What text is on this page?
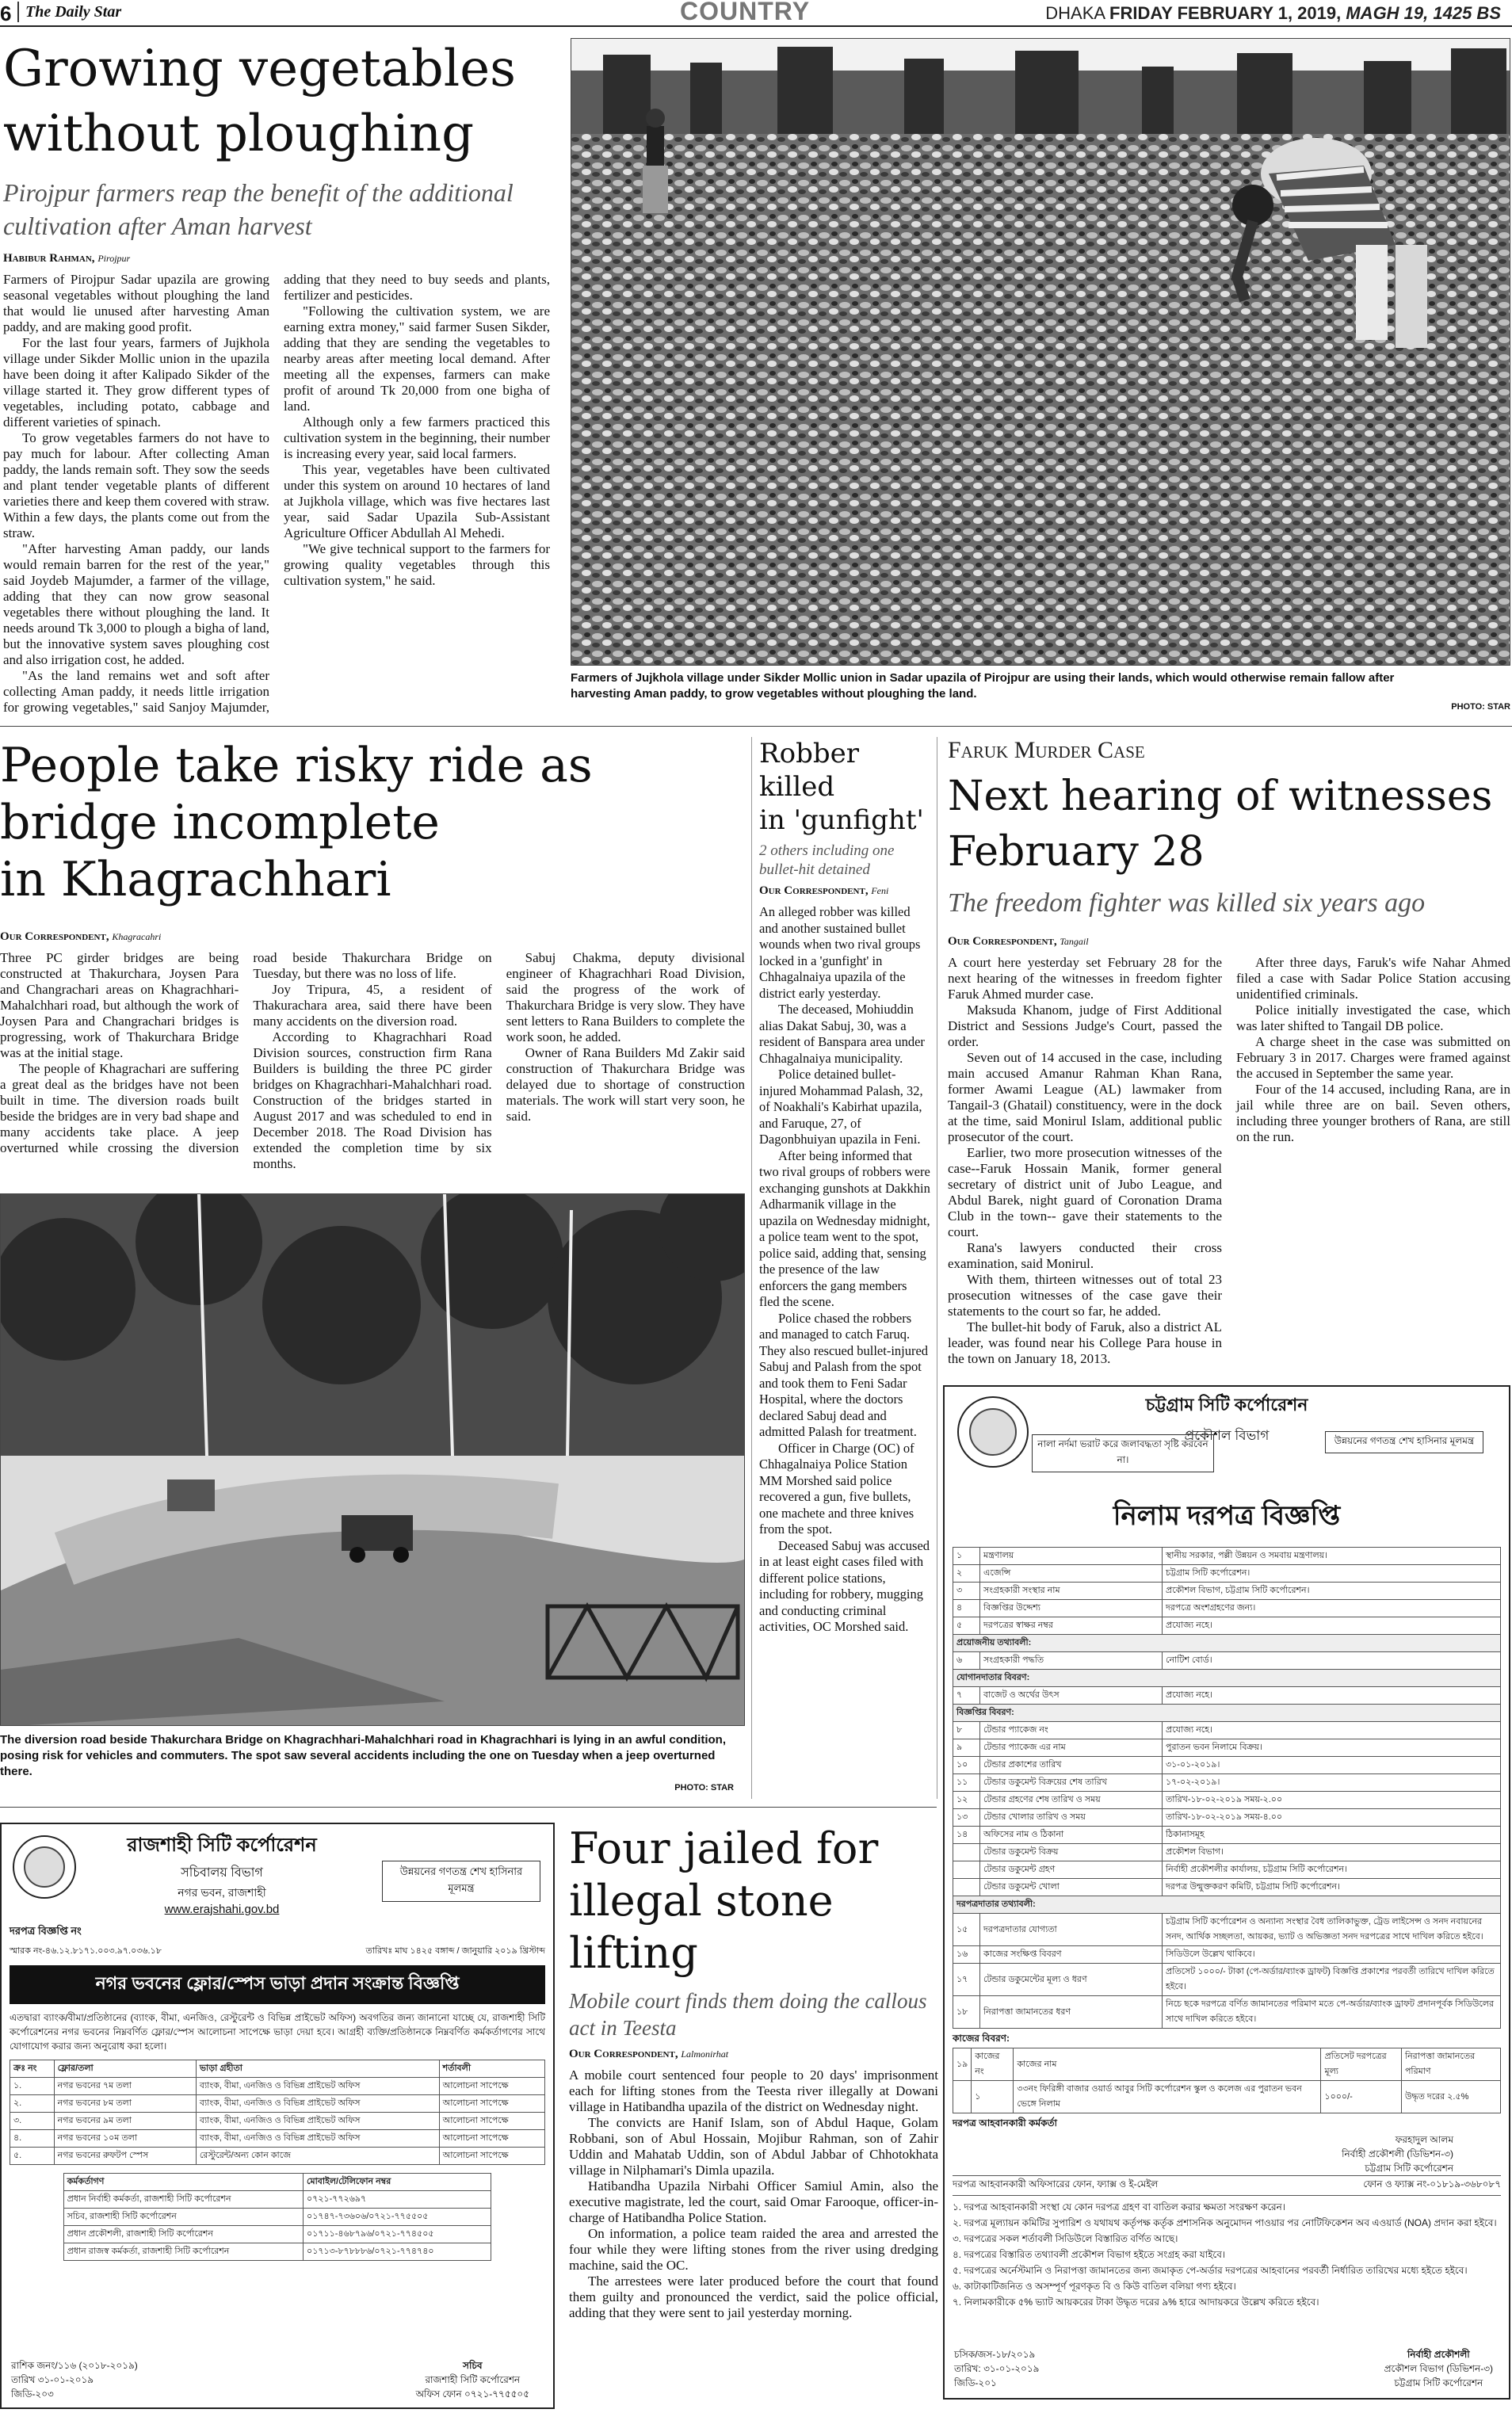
6 The Daily Star	COUNTRY	DHAKA FRIDAY FEBRUARY 1, 2019, MAGH 19, 1425 BS
Growing vegetables
without ploughing
Pirojpur farmers reap the benefit of the additional cultivation after Aman harvest
Habibur Rahman, Pirojpur

Farmers of Pirojpur Sadar upazila are growing seasonal vegetables without ploughing the land that would lie unused after harvesting Aman paddy, and are making good profit.

For the last four years, farmers of Jujkhola village under Sikder Mollic union in the upazila have been doing it after Kalipado Sikder of the village started it. They grow different types of vegetables, including potato, cabbage and different varieties of spinach.

To grow vegetables farmers do not have to pay much for labour. After collecting Aman paddy, the lands remain soft. They sow the seeds and plant tender vegetable plants of different varieties there and keep them covered with straw. Within a few days, the plants come out from the straw.

"After harvesting Aman paddy, our lands would remain barren for the rest of the year," said Joydeb Majumder, a farmer of the village, adding that they can now grow seasonal vegetables there without ploughing the land. It needs around Tk 3,000 to plough a bigha of land, but the innovative system saves ploughing cost and also irrigation cost, he added.

"As the land remains wet and soft after collecting Aman paddy, it needs little irrigation for growing vegetables," said Sanjoy Majumder, adding that they need to buy seeds and plants, fertilizer and pesticides.

"Following the cultivation system, we are earning extra money," said farmer Susen Sikder, adding that they are sending the vegetables to nearby areas after meeting local demand. After meeting all the expenses, farmers can make profit of around Tk 20,000 from one bigha of land.

Although only a few farmers practiced this cultivation system in the beginning, their number is increasing every year, said local farmers.

This year, vegetables have been cultivated under this system on around 10 hectares of land at Jujkhola village, which was five hectares last year, said Sadar Upazila Sub-Assistant Agriculture Officer Abdullah Al Mehedi.

"We give technical support to the farmers for growing quality vegetables through this cultivation system," he said.

Farmers of Jujkhola village under Sikder Mollic union in Sadar upazila of Pirojpur are using their lands, which would otherwise remain fallow after harvesting Aman paddy, to grow vegetables without ploughing the land.
PHOTO: STAR
People take risky ride as
bridge incomplete
in Khagrachhari
Our Correspondent, Khagracahri

Three PC girder bridges are being constructed at Thakurchara, Joysen Para and Changrachari areas on Khagrachhari-Mahalchhari road, but although the work of Joysen Para and Changrachari bridges is progressing, work of Thakurchara Bridge was at the initial stage.

The people of Khagrachari are suffering a great deal as the bridges have not been built in time. The diversion roads built beside the bridges are in very bad shape and many accidents take place. A jeep overturned while crossing the diversion road beside Thakurchara Bridge on Tuesday, but there was no loss of life.

Joy Tripura, 45, a resident of Thakurachara area, said there have been many accidents on the diversion road.

According to Khagrachhari Road Division sources, construction firm Rana Builders is building the three PC girder bridges on Khagrachhari-Mahalchhari road. Construction of the bridges started in August 2017 and was scheduled to end in December 2018. The Road Division has extended the completion time by six months.

Sabuj Chakma, deputy divisional engineer of Khagrachhari Road Division, said the progress of the work of Thakurchara Bridge is very slow. They have sent letters to Rana Builders to complete the work soon, he added.

Owner of Rana Builders Md Zakir said construction of Thakurchara Bridge was delayed due to shortage of construction materials. The work will start very soon, he said.

The diversion road beside Thakurchara Bridge on Khagrachhari-Mahalchhari road in Khagrachhari is lying in an awful condition, posing risk for vehicles and commuters. The spot saw several accidents including the one on Tuesday when a jeep overturned there.
PHOTO: STAR
Robber killed
in 'gunfight'
2 others including one bullet-hit detained
Our Correspondent, Feni

An alleged robber was killed and another sustained bullet wounds when two rival groups locked in a 'gunfight' in Chhagalnaiya upazila of the district early yesterday.

The deceased, Mohiuddin alias Dakat Sabuj, 30, was a resident of Banspara area under Chhagalnaiya municipality.

Police detained bullet-injured Mohammad Palash, 32, of Noakhali's Kabirhat upazila, and Faruque, 27, of Dagonbhuiyan upazila in Feni.

After being informed that two rival groups of robbers were exchanging gunshots at Dakkhin Adharmanik village in the upazila on Wednesday midnight, a police team went to the spot, police said, adding that, sensing the presence of the law enforcers the gang members fled the scene.

Police chased the robbers and managed to catch Faruq. They also rescued bullet-injured Sabuj and Palash from the spot and took them to Feni Sadar Hospital, where the doctors declared Sabuj dead and admitted Palash for treatment.

Officer in Charge (OC) of Chhagalnaiya Police Station MM Morshed said police recovered a gun, five bullets, one machete and three knives from the spot.

Deceased Sabuj was accused in at least eight cases filed with different police stations, including for robbery, mugging and conducting criminal activities, OC Morshed said.

Faruk Murder Case
Next hearing of witnesses
February 28
The freedom fighter was killed six years ago
Our Correspondent, Tangail

A court here yesterday set February 28 for the next hearing of the witnesses in freedom fighter Faruk Ahmed murder case.

Maksuda Khanom, judge of First Additional District and Sessions Judge's Court, passed the order.

Seven out of 14 accused in the case, including main accused Amanur Rahman Khan Rana, former Awami League (AL) lawmaker from Tangail-3 (Ghatail) constituency, were in the dock at the time, said Monirul Islam, additional public prosecutor of the court.

Earlier, two more prosecution witnesses of the case--Faruk Hossain Manik, former general secretary of district unit of Jubo League, and Abdul Barek, night guard of Coronation Drama Club in the town-- gave their statements to the court.

Rana's lawyers conducted their cross examination, said Monirul.

With them, thirteen witnesses out of total 23 prosecution witnesses of the case gave their statements to the court so far, he added.

The bullet-hit body of Faruk, also a district AL leader, was found near his College Para house in the town on January 18, 2013.

After three days, Faruk's wife Nahar Ahmed filed a case with Sadar Police Station accusing unidentified criminals.

Police initially investigated the case, which was later shifted to Tangail DB police.

A charge sheet in the case was submitted on February 3 in 2017. Charges were framed against the accused in September the same year.

Four of the 14 accused, including Rana, are in jail while three are on bail. Seven others, including three younger brothers of Rana, are still on the run.

চট্টগ্রাম সিটি কর্পোরেশন
প্রকৌশল বিভাগ
নালা নর্দমা ভরাট করে জলাবদ্ধতা সৃষ্টি করবেন না।
উন্নয়নের গণতন্ত্র শেখ হাসিনার মূলমন্ত্র
নিলাম দরপত্র বিজ্ঞপ্তি
১	মন্ত্রণালয়	স্থানীয় সরকার, পল্লী উন্নয়ন ও সমবায় মন্ত্রণালয়।
২	এজেন্সি	চট্টগ্রাম সিটি কর্পোরেশন।
৩	সংগ্রহকারী সংস্থার নাম	প্রকৌশল বিভাগ, চট্টগ্রাম সিটি কর্পোরেশন।
৪	বিজ্ঞপ্তির উদ্দেশ্য	দরপত্রে অংশগ্রহণের জন্য।
৫	দরপত্রের স্বাক্ষর নম্বর	প্রযোজ্য নহে।
প্রয়োজনীয় তথ্যাবলী:		
৬	সংগ্রহকারী পদ্ধতি	নোটিশ বোর্ড।
যোগানদাতার বিবরণ:		
৭	বাজেট ও অর্থের উৎস	প্রযোজ্য নহে।
বিজ্ঞপ্তির বিবরণ:		
৮	টেন্ডার প্যাকেজ নং	প্রযোজ্য নহে।
৯	টেন্ডার প্যাকেজ এর নাম	পুরাতন ভবন নিলামে বিক্রয়।
১০	টেন্ডার প্রকাশের তারিখ	৩১-০১-২০১৯।
১১	টেন্ডার ডকুমেন্ট বিক্রয়ের শেষ তারিখ	১৭-০২-২০১৯।
১২	টেন্ডার গ্রহণের শেষ তারিখ ও সময়	তারিখ-১৮-০২-২০১৯ সময়-২.০০
১৩	টেন্ডার খোলার তারিখ ও সময়	তারিখ-১৮-০২-২০১৯ সময়-৪.০০
১৪	অফিসের নাম ও ঠিকানা	ঠিকানাসমূহ
	টেন্ডার ডকুমেন্ট বিক্রয়	প্রকৌশল বিভাগ।
	টেন্ডার ডকুমেন্ট গ্রহণ	নির্বাহী প্রকৌশলীর কার্যালয়, চট্টগ্রাম সিটি কর্পোরেশন।
	টেন্ডার ডকুমেন্ট খোলা	দরপত্র উন্মুক্তকরণ কমিটি, চট্টগ্রাম সিটি কর্পোরেশন।
দরপত্রদাতার তথ্যাবলী:		
১৫	দরপত্রদাতার যোগ্যতা	চট্টগ্রাম সিটি কর্পোরেশন ও অন্যান্য সংস্থার বৈধ তালিকাভুক্ত, ট্রেড লাইসেন্স ও সনদ নবায়নের সনদ, আর্থিক সচ্ছলতা, আয়কর, ভ্যাট ও অভিজ্ঞতা সনদ দরপত্রের সাথে দাখিল করিতে হইবে।
১৬	কাজের সংক্ষিপ্ত বিবরণ	সিডিউলে উল্লেখ থাকিবে।
১৭	টেন্ডার ডকুমেন্টের মূল্য ও ধরণ	প্রতিসেট ১০০০/- টাকা (পে-অর্ডার/ব্যাংক ড্রাফট) বিজ্ঞপ্তি প্রকাশের পরবর্তী তারিখে দাখিল করিতে হইবে।
১৮	নিরাপত্তা জামানতের ধরণ	নিচে ছকে দরপত্রে বর্ণিত জামানতের পরিমাণ মতে পে-অর্ডার/ব্যাংক ড্রাফট প্রদানপূর্বক সিডিউলের সাথে দাখিল করিতে হইবে।
কাজের বিবরণ:
১৯	কাজের নং	কাজের নাম	প্রতিসেট দরপত্রের মূল্য	নিরাপত্তা জামানতের পরিমাণ
	১	৩৩নং ফিরিঙ্গী বাজার ওয়ার্ড আবুর সিটি কর্পোরেশন স্কুল ও কলেজ এর পুরাতন ভবন ভেঙ্গে নিলাম	১০০০/-	উদ্ধৃত দরের ২.৫%
দরপত্র আহবানকারী কর্মকর্তা
ফরহাদুল আলম
নির্বাহী প্রকৌশলী (ডিভিশন-৩)
চট্টগ্রাম সিটি কর্পোরেশন
দরপত্র আহবানকারী অফিসারের ফোন, ফ্যাক্স ও ই-মেইল	ফোন ও ফ্যাক্স নং-০১৮১৯-৩৬৮০৮৭
১. দরপত্র আহবানকারী সংস্থা যে কোন দরপত্র গ্রহণ বা বাতিল করার ক্ষমতা সংরক্ষণ করেন।
২. দরপত্র মূল্যায়ন কমিটির সুপারিশ ও যথাযথ কর্তৃপক্ষ কর্তৃক প্রশাসনিক অনুমোদন পাওয়ার পর নোটিফিকেশন অব এওয়ার্ড (NOA) প্রদান করা হইবে।
৩. দরপত্রের সকল শর্তাবলী সিডিউলে বিস্তারিত বর্ণিত আছে।
৪. দরপত্রের বিস্তারিত তথ্যাবলী প্রকৌশল বিভাগ হইতে সংগ্রহ করা যাইবে।
৫. দরপত্রের অর্নেস্টমানি ও নিরাপত্তা জামানতের জন্য জমাকৃত পে-অর্ডার দরপত্রের আহবানের পরবর্তী নির্ধারিত তারিখের মধ্যে হইতে হইবে।
৬. কাটাকাটিজনিত ও অসম্পূর্ণ পূরণকৃত বি ও কিউ বাতিল বলিয়া গণ্য হইবে।
৭. নিলামকারীকে ৫% ভ্যাট আয়করের টাকা উদ্ধৃত দরের ৯% হারে আদায়করে উল্লেখ করিতে হইবে।
চসিক/জস-১৮/২০১৯
তারিখ: ৩১-০১-২০১৯
জিডি-২০১
নির্বাহী প্রকৌশলী
প্রকৌশল বিভাগ (ডিভিশন-৩)
চট্টগ্রাম সিটি কর্পোরেশন
রাজশাহী সিটি কর্পোরেশন
সচিবালয় বিভাগ
নগর ভবন, রাজশাহী
www.erajshahi.gov.bd
উন্নয়নের গণতন্ত্র শেখ হাসিনার মূলমন্ত্র
দরপত্র বিজ্ঞপ্তি নং
স্মারক নং-৪৬.১২.৮১৭১.০০৩.৯৭.০৩৬.১৮	তারিখঃ মাঘ ১৪২৫ বঙ্গাব্দ / জানুয়ারি ২০১৯ খ্রিস্টাব্দ
নগর ভবনের ফ্লোর/স্পেস ভাড়া প্রদান সংক্রান্ত বিজ্ঞপ্তি
এতদ্বারা ব্যাংক/বীমা/প্রতিষ্ঠানের (ব্যাংক, বীমা, এনজিও, রেস্টুরেন্ট ও বিভিন্ন প্রাইভেট অফিস) অবগতির জন্য জানানো যাচ্ছে যে, রাজশাহী সিটি কর্পোরেশনের নগর ভবনের নিম্নবর্ণিত ফ্লোর/স্পেস আলোচনা সাপেক্ষে ভাড়া দেয়া হবে। আগ্রহী ব্যক্তি/প্রতিষ্ঠানকে নিম্নবর্ণিত কর্মকর্তাগণের সাথে যোগাযোগ করার জন্য অনুরোধ করা হলো।
ক্রঃ নং	ফ্লোর/তলা	ভাড়া গ্রহীতা	শর্তাবলী
১.	নগর ভবনের ৭ম তলা	ব্যাংক, বীমা, এনজিও ও বিভিন্ন প্রাইভেট অফিস	আলোচনা সাপেক্ষে
২.	নগর ভবনের ৮ম তলা	ব্যাংক, বীমা, এনজিও ও বিভিন্ন প্রাইভেট অফিস	আলোচনা সাপেক্ষে
৩.	নগর ভবনের ৯ম তলা	ব্যাংক, বীমা, এনজিও ও বিভিন্ন প্রাইভেট অফিস	আলোচনা সাপেক্ষে
৪.	নগর ভবনের ১০ম তলা	ব্যাংক, বীমা, এনজিও ও বিভিন্ন প্রাইভেট অফিস	আলোচনা সাপেক্ষে
৫.	নগর ভবনের রুফটপ স্পেস	রেস্টুরেন্ট/অন্য কোন কাজে	আলোচনা সাপেক্ষে
কর্মকর্তাগণ	মোবাইল/টেলিফোন নম্বর
প্রধান নির্বাহী কর্মকর্তা, রাজশাহী সিটি কর্পোরেশন	০৭২১-৭৭২৬৯৭
সচিব, রাজশাহী সিটি কর্পোরেশন	০১৭৪৭-৭৩৬০৬/০৭২১-৭৭৫৫০৫
প্রধান প্রকৌশলী, রাজশাহী সিটি কর্পোরেশন	০১৭১১-৪৬৮৭৯৬/০৭২১-৭৭৪৫০৫
প্রধান রাজস্ব কর্মকর্তা, রাজশাহী সিটি কর্পোরেশন	০১৭১৩-৮৭৮৮৮৬/০৭২১-৭৭৪৭৪০
রাশিক জনং/১১৬ (২০১৮-২০১৯)
তারিখ ৩১-০১-২০১৯
জিডি-২০৩
সচিব
রাজশাহী সিটি কর্পোরেশন
অফিস ফোন ০৭২১-৭৭৫৫০৫
Four jailed for
illegal stone
lifting
Mobile court finds them doing the callous act in Teesta
Our Correspondent, Lalmonirhat

A mobile court sentenced four people to 20 days' imprisonment each for lifting stones from the Teesta river illegally at Dowani village in Hatibandha upazila of the district on Wednesday night.

The convicts are Hanif Islam, son of Abdul Haque, Golam Robbani, son of Abul Hossain, Mojibur Rahman, son of Zahir Uddin and Mahatab Uddin, son of Abdul Jabbar of Chhotokhata village in Nilphamari's Dimla upazila.

Hatibandha Upazila Nirbahi Officer Samiul Amin, also the executive magistrate, led the court, said Omar Farooque, officer-in-charge of Hatibandha Police Station.

On information, a police team raided the area and arrested the four while they were lifting stones from the river using dredging machine, said the OC.

The arrestees were later produced before the court that found them guilty and pronounced the verdict, said the police official, adding that they were sent to jail yesterday morning.
